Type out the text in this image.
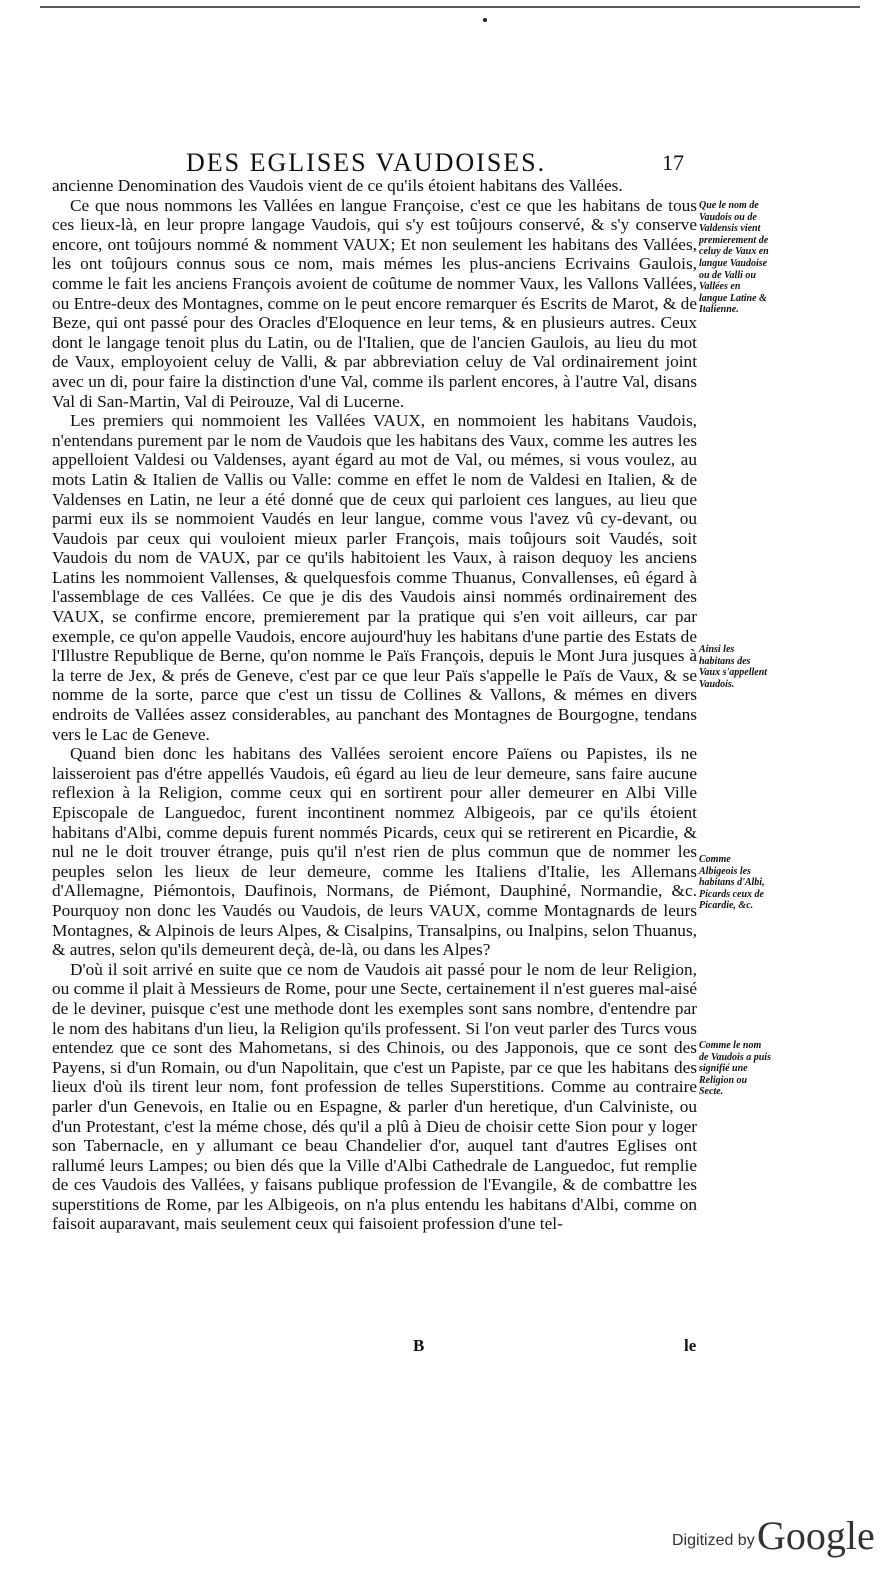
DES EGLISES VAUDOISES.	17

ancienne Denomination des Vaudois vient de ce qu'ils étoient habitans des Vallées.

Ce que nous nommons les Vallées en langue Françoise, c'est ce que les habitans de tous ces lieux-là, en leur propre langage Vaudois, qui s'y est toûjours conservé, & s'y conserve encore, ont toûjours nommé & nomment VAUX; Et non seulement les habitans des Vallées, les ont toûjours connus sous ce nom, mais mémes les plus-anciens Ecrivains Gaulois, comme le fait les anciens François avoient de coûtume de nommer Vaux, les Vallons Vallées, ou Entre-deux des Montagnes, comme on le peut encore remarquer és Escrits de Marot, & de Beze, qui ont passé pour des Oracles d'Eloquence en leur tems, & en plusieurs autres. Ceux dont le langage tenoit plus du Latin, ou de l'Italien, que de l'ancien Gaulois, au lieu du mot de Vaux, employoient celuy de Valli, & par abbreviation celuy de Val ordinairement joint avec un di, pour faire la distinction d'une Val, comme ils parlent encores, à l'autre Val, disans Val di San-Martin, Val di Peirouze, Val di Lucerne.

Les premiers qui nommoient les Vallées VAUX, en nommoient les habitans Vaudois, n'entendans purement par le nom de Vaudois que les habitans des Vaux, comme les autres les appelloient Valdesi ou Valdenses, ayant égard au mot de Val, ou mémes, si vous voulez, au mots Latin & Italien de Vallis ou Valle: comme en effet le nom de Valdesi en Italien, & de Valdenses en Latin, ne leur a été donné que de ceux qui parloient ces langues, au lieu que parmi eux ils se nommoient Vaudés en leur langue, comme vous l'avez vû cy-devant, ou Vaudois par ceux qui vouloient mieux parler François, mais toûjours soit Vaudés, soit Vaudois du nom de VAUX, par ce qu'ils habitoient les Vaux, à raison dequoy les anciens Latins les nommoient Vallenses, & quelquesfois comme Thuanus, Convallenses, eû égard à l'assemblage de ces Vallées. Ce que je dis des Vaudois ainsi nommés ordinairement des VAUX, se confirme encore, premierement par la pratique qui s'en voit ailleurs, car par exemple, ce qu'on appelle Vaudois, encore aujourd'huy les habitans d'une partie des Estats de l'Illustre Republique de Berne, qu'on nomme le Païs François, depuis le Mont Jura jusques à la terre de Jex, & prés de Geneve, c'est par ce que leur Païs s'appelle le Païs de Vaux, & se nomme de la sorte, parce que c'est un tissu de Collines & Vallons, & mémes en divers endroits de Vallées assez considerables, au panchant des Montagnes de Bourgogne, tendans vers le Lac de Geneve.

Quand bien donc les habitans des Vallées seroient encore Païens ou Papistes, ils ne laisseroient pas d'étre appellés Vaudois, eû égard au lieu de leur demeure, sans faire aucune reflexion à la Religion, comme ceux qui en sortirent pour aller demeurer en Albi Ville Episcopale de Languedoc, furent incontinent nommez Albigeois, par ce qu'ils étoient habitans d'Albi, comme depuis furent nommés Picards, ceux qui se retirerent en Picardie, & nul ne le doit trouver étrange, puis qu'il n'est rien de plus commun que de nommer les peuples selon les lieux de leur demeure, comme les Italiens d'Italie, les Allemans d'Allemagne, Piémontois, Daufinois, Normans, de Piémont, Dauphiné, Normandie, &c. Pourquoy non donc les Vaudés ou Vaudois, de leurs VAUX, comme Montagnards de leurs Montagnes, & Alpinois de leurs Alpes, & Cisalpins, Transalpins, ou Inalpins, selon Thuanus, & autres, selon qu'ils demeurent deçà, de-là, ou dans les Alpes?

D'où il soit arrivé en suite que ce nom de Vaudois ait passé pour le nom de leur Religion, ou comme il plait à Messieurs de Rome, pour une Secte, certainement il n'est gueres mal-aisé de le deviner, puisque c'est une methode dont les exemples sont sans nombre, d'entendre par le nom des habitans d'un lieu, la Religion qu'ils professent. Si l'on veut parler des Turcs vous entendez que ce sont des Mahometans, si des Chinois, ou des Japponois, que ce sont des Payens, si d'un Romain, ou d'un Napolitain, que c'est un Papiste, par ce que les habitans des lieux d'où ils tirent leur nom, font profession de telles Superstitions. Comme au contraire parler d'un Genevois, en Italie ou en Espagne, & parler d'un heretique, d'un Calviniste, ou d'un Protestant, c'est la méme chose, dés qu'il a plû à Dieu de choisir cette Sion pour y loger son Tabernacle, en y allumant ce beau Chandelier d'or, auquel tant d'autres Eglises ont rallumé leurs Lampes; ou bien dés que la Ville d'Albi Cathedrale de Languedoc, fut remplie de ces Vaudois des Vallées, y faisans publique profession de l'Evangile, & de combattre les superstitions de Rome, par les Albigeois, on n'a plus entendu les habitans d'Albi, comme on faisoit auparavant, mais seulement ceux qui faisoient profession d'une tel-

Que le nom de Vaudois ou de Valdensis vient premierement de celuy de Vaux en langue Vaudoise ou de Valli ou Vallées en langue Latine & Italienne.
Ainsi les habitans des Vaux s'appellent Vaudois.
Comme Albigeois les habitans d'Albi, Picards ceux de Picardie, &c.
Comme le nom de Vaudois a puis signifié une Religion ou Secte.
B	le
Digitized by Google
